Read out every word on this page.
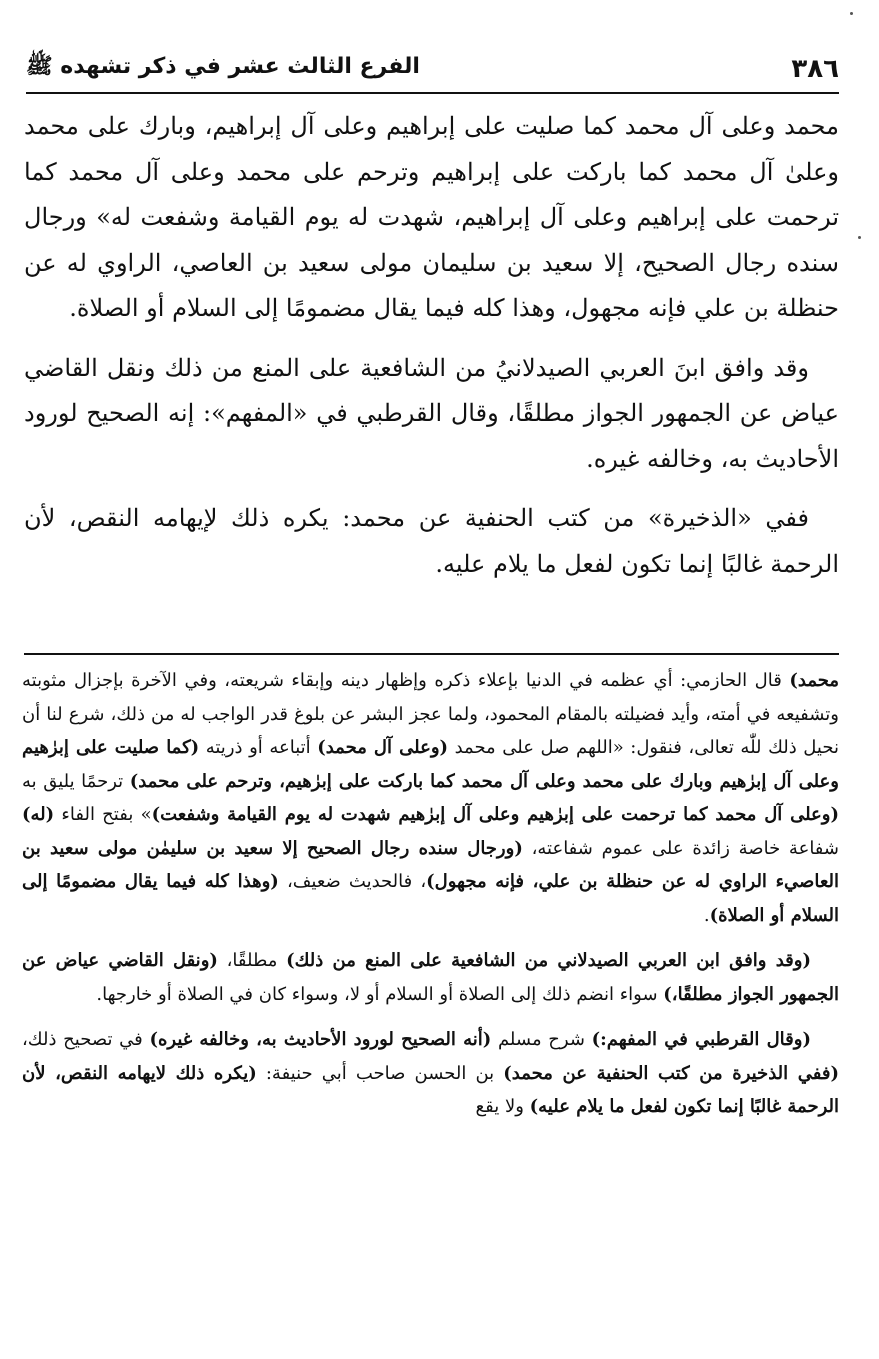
٣٨٦
الفرع الثالث عشر في ذكر تشهده ﷺ

محمد وعلى آل محمد كما صليت على إبراهيم وعلى آل إبراهيم، وبارك على محمد وعلىٰ آل محمد كما باركت على إبراهيم وترحم على محمد وعلى آل محمد كما ترحمت على إبراهيم وعلى آل إبراهيم، شهدت له يوم القيامة وشفعت له» ورجال سنده رجال الصحيح، إلا سعيد بن سليمان مولى سعيد بن العاصي، الراوي له عن حنظلة بن علي فإنه مجهول، وهذا كله فيما يقال مضمومًا إلى السلام أو الصلاة.

وقد وافق ابنَ العربي الصيدلانيُ من الشافعية على المنع من ذلك ونقل القاضي عياض عن الجمهور الجواز مطلقًا، وقال القرطبي في «المفهم»: إنه الصحيح لورود الأحاديث به، وخالفه غيره.

ففي «الذخيرة» من كتب الحنفية عن محمد: يكره ذلك لإيهامه النقص، لأن الرحمة غالبًا إنما تكون لفعل ما يلام عليه.

محمد) قال الحازمي: أي عظمه في الدنيا بإعلاء ذكره وإظهار دينه وإبقاء شريعته، وفي الآخرة بإجزال مثوبته وتشفيعه في أمته، وأيد فضيلته بالمقام المحمود، ولما عجز البشر عن بلوغ قدر الواجب له من ذلك، شرع لنا أن نحيل ذلك للّٰه تعالى، فنقول: «اللهم صل على محمد (وعلى آل محمد) أتباعه أو ذريته (كما صليت على إبرٰهيم وعلى آل إبرٰهيم وبارك على محمد وعلى آل محمد كما باركت على إبرٰهيم، وترحم على محمد) ترحمًا يليق به (وعلى آل محمد كما ترحمت على إبرٰهيم وعلى آل إبرٰهيم شهدت له يوم القيامة وشفعت)» بفتح الفاء (له) شفاعة خاصة زائدة على عموم شفاعته، (ورجال سنده رجال الصحيح إلا سعيد بن سليمٰن مولى سعيد بن العاصيء الراوي له عن حنظلة بن علي، فإنه مجهول)، فالحديث ضعيف، (وهذا كله فيما يقال مضمومًا إلى السلام أو الصلاة).

(وقد وافق ابن العربي الصيدلاني من الشافعية على المنع من ذلك) مطلقًا، (ونقل القاضي عياض عن الجمهور الجواز مطلقًا،) سواء انضم ذلك إلى الصلاة أو السلام أو لا، وسواء كان في الصلاة أو خارجها.

(وقال القرطبي في المفهم:) شرح مسلم (أنه الصحيح لورود الأحاديث به، وخالفه غيره) في تصحيح ذلك، (ففي الذخيرة من كتب الحنفية عن محمد) بن الحسن صاحب أبي حنيفة: (يكره ذلك لايهامه النقص، لأن الرحمة غالبًا إنما تكون لفعل ما يلام عليه) ولا يقع
